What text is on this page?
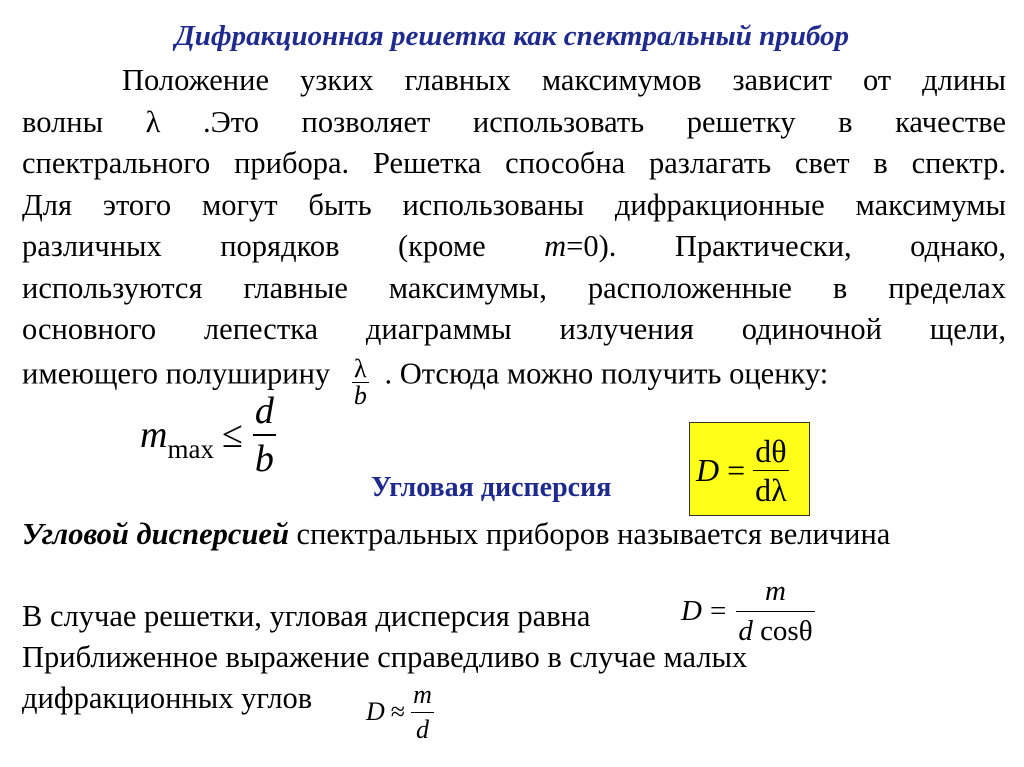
Дифракционная решетка как спектральный прибор
Положение узких главных максимумов зависит от длины
волны λ .Это позволяет использовать решетку в качестве
спектрального прибора. Решетка способна разлагать свет в спектр.
Для этого могут быть использованы дифракционные максимумы
различных порядков (кроме m=0). Практически, однако,
используются главные максимумы, расположенные в пределах
основного лепестка диаграммы излучения одиночной щели,
имеющего полуширину $\frac{\lambda}{b}$ . Отсюда можно получить оценку:
m $\max \le \frac{d}{b}$
Угловая дисперсия	$D = \frac{d\theta}{d\lambda}$
Угловой дисперсией спектральных приборов называется величина
В случае решетки, угловая дисперсия равна	$D = \frac{m}{\text{d cosθ}}$
Приближенное выражение справедливо в случае малых
дифракционных углов $D \approx \frac{m}{d}$
